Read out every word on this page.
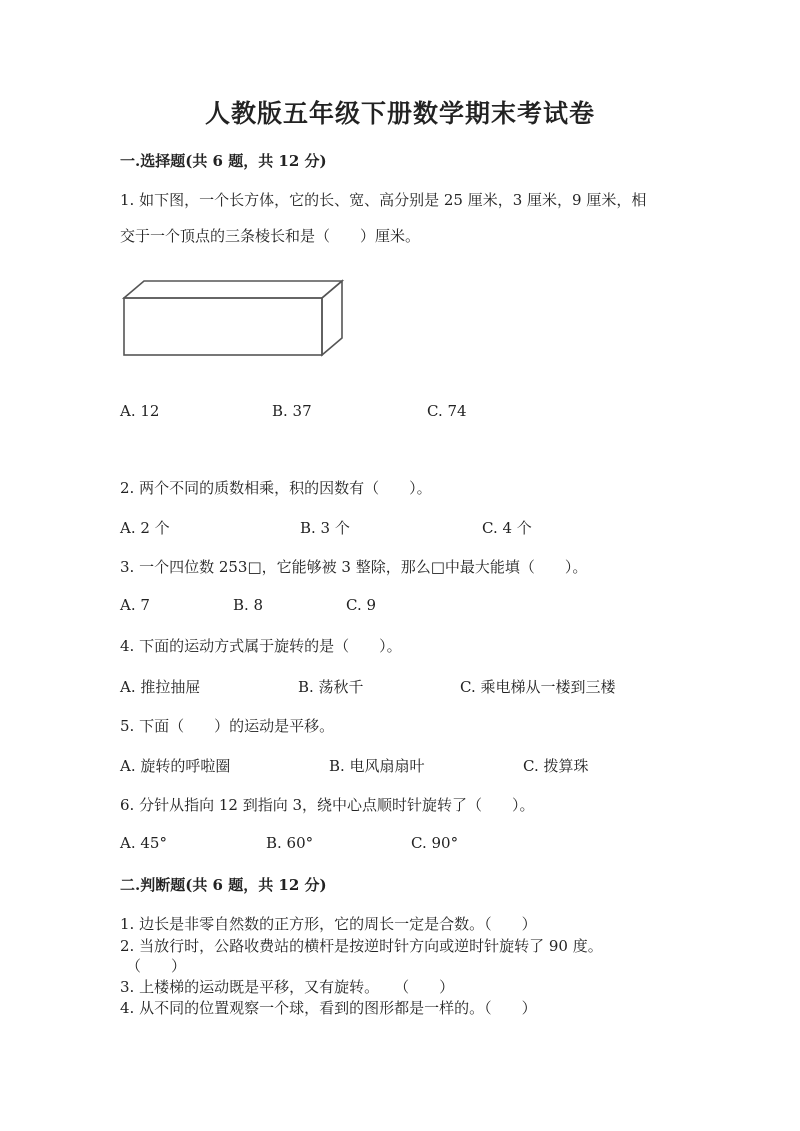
人教版五年级下册数学期末考试卷
一.选择题(共 6 题，共 12 分)
1. 如下图，一个长方体，它的长、宽、高分别是 25 厘米，3 厘米，9 厘米，相
交于一个顶点的三条棱长和是（　　）厘米。
A. 12	B. 37	C. 74
2. 两个不同的质数相乘，积的因数有（　　）。
A. 2 个	B. 3 个	C. 4 个
3. 一个四位数 253□，它能够被 3 整除，那么□中最大能填（　　）。
A. 7	B. 8	C. 9
4. 下面的运动方式属于旋转的是（　　）。
A. 推拉抽屉	B. 荡秋千	C. 乘电梯从一楼到三楼
5. 下面（　　）的运动是平移。
A. 旋转的呼啦圈	B. 电风扇扇叶	C. 拨算珠
6. 分针从指向 12 到指向 3，绕中心点顺时针旋转了（　　）。
A. 45°	B. 60°	C. 90°
二.判断题(共 6 题，共 12 分)
1. 边长是非零自然数的正方形，它的周长一定是合数。（　　）
2. 当放行时，公路收费站的横杆是按逆时针方向或逆时针旋转了 90 度。
（　　）
3. 上楼梯的运动既是平移，又有旋转。　　（　　）
4. 从不同的位置观察一个球，看到的图形都是一样的。（　　）
